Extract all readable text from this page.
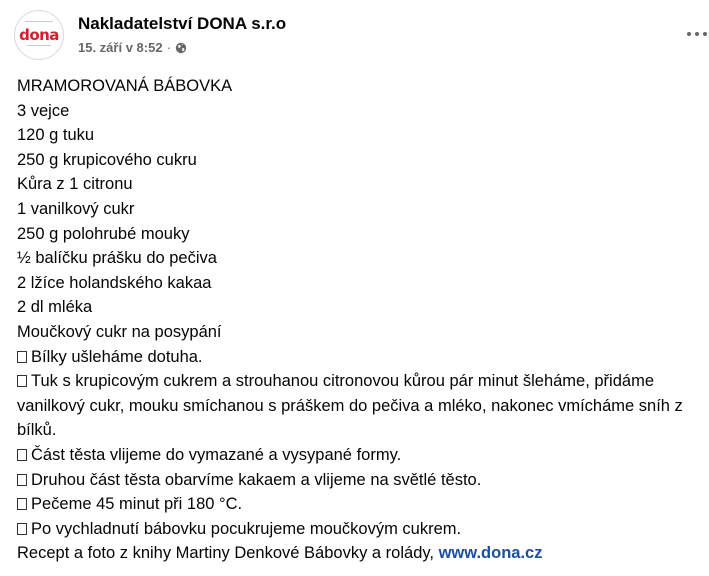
dona
Nakladatelství DONA s.r.o
15. září v 8:52 ·
MRAMOROVANÁ BÁBOVKA
3 vejce
120 g tuku
250 g krupicového cukru
Kůra z 1 citronu
1 vanilkový cukr
250 g polohrubé mouky
½ balíčku prášku do pečiva
2 lžíce holandského kakaa
2 dl mléka
Moučkový cukr na posypání
Bílky ušleháme dotuha.
Tuk s krupicovým cukrem a strouhanou citronovou kůrou pár minut šleháme, přidáme vanilkový cukr, mouku smíchanou s práškem do pečiva a mléko, nakonec vmícháme sníh z bílků.
Část těsta vlijeme do vymazané a vysypané formy.
Druhou část těsta obarvíme kakaem a vlijeme na světlé těsto.
Pečeme 45 minut při 180 °C.
Po vychladnutí bábovku pocukrujeme moučkovým cukrem.
Recept a foto z knihy Martiny Denkové Bábovky a rolády, www.dona.cz
